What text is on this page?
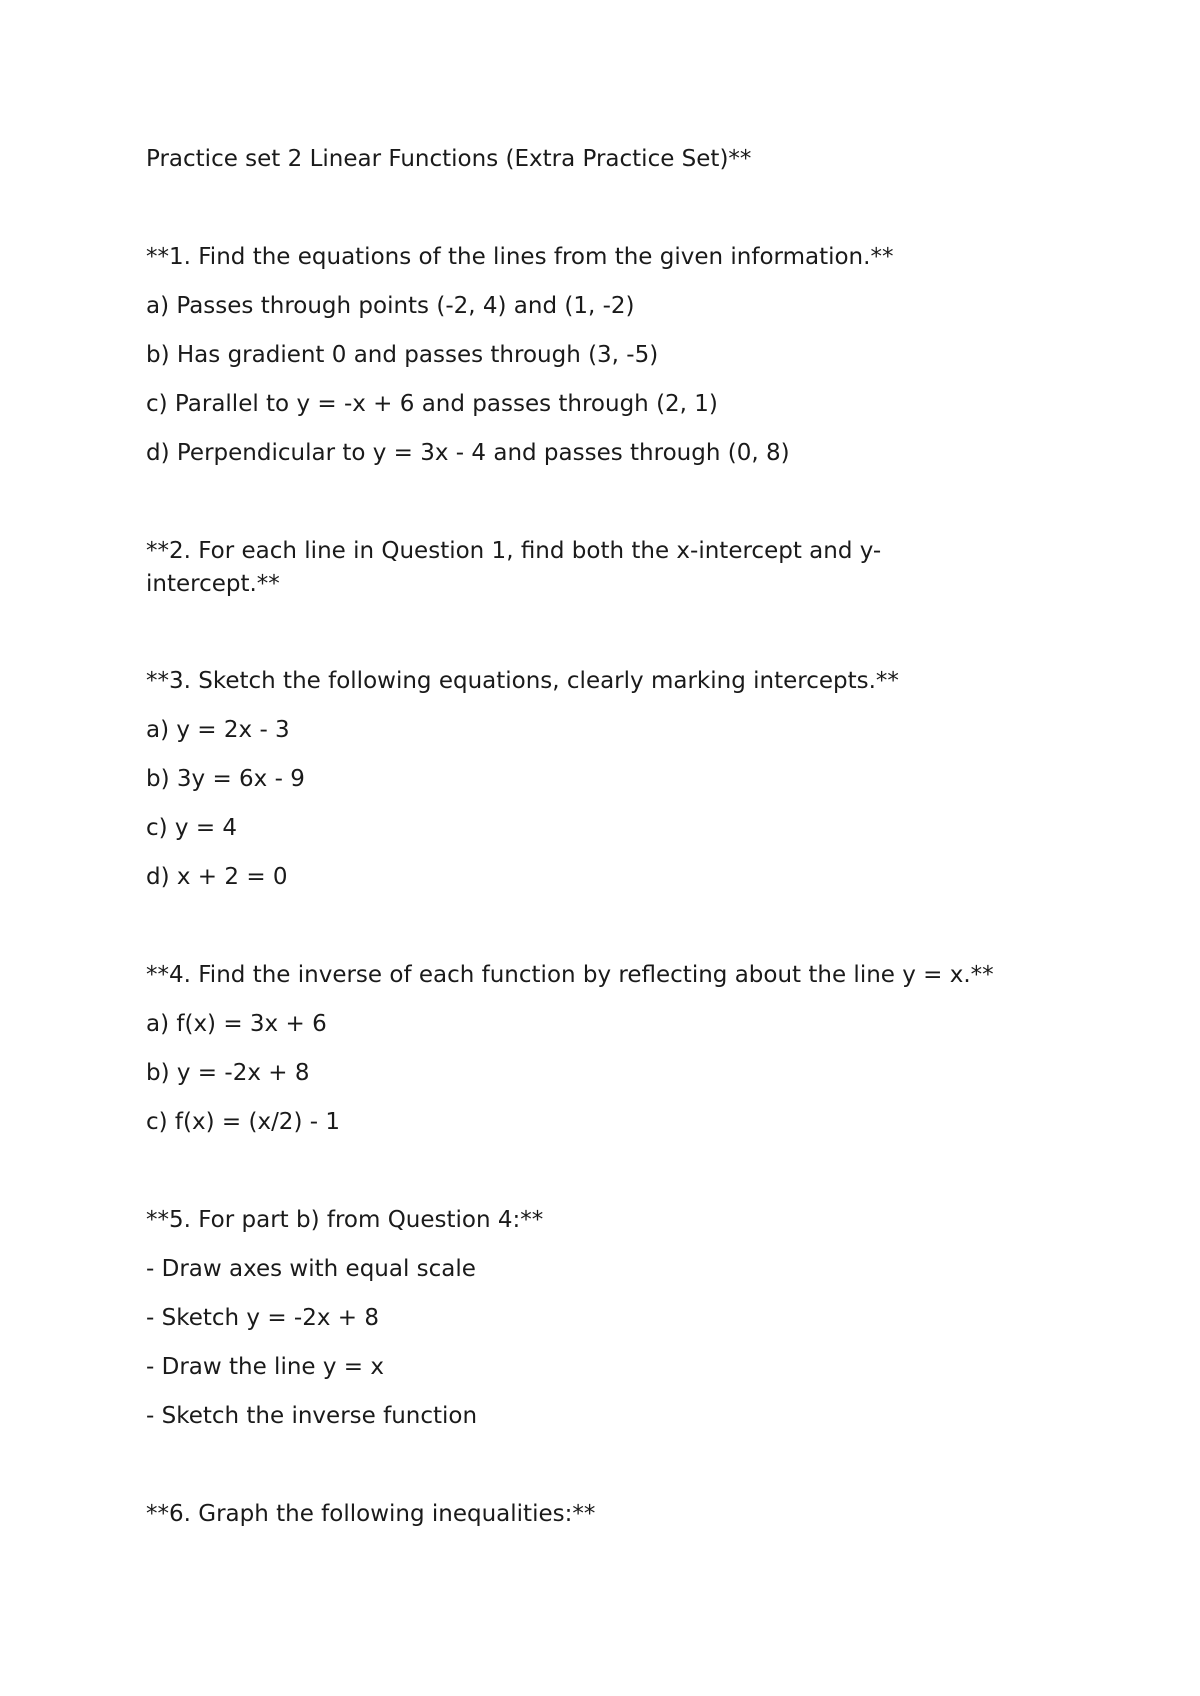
Practice set 2 Linear Functions (Extra Practice Set)**

**1. Find the equations of the lines from the given information.**

a) Passes through points (-2, 4) and (1, -2)

b) Has gradient 0 and passes through (3, -5)

c) Parallel to y = -x + 6 and passes through (2, 1)

d) Perpendicular to y = 3x - 4 and passes through (0, 8)

**2. For each line in Question 1, find both the x-intercept and y-

intercept.**

**3. Sketch the following equations, clearly marking intercepts.**

a) y = 2x - 3

b) 3y = 6x - 9

c) y = 4

d) x + 2 = 0

**4. Find the inverse of each function by reflecting about the line y = x.**

a) f(x) = 3x + 6

b) y = -2x + 8

c) f(x) = (x/2) - 1

**5. For part b) from Question 4:**

- Draw axes with equal scale

- Sketch y = -2x + 8

- Draw the line y = x

- Sketch the inverse function

**6. Graph the following inequalities:**
